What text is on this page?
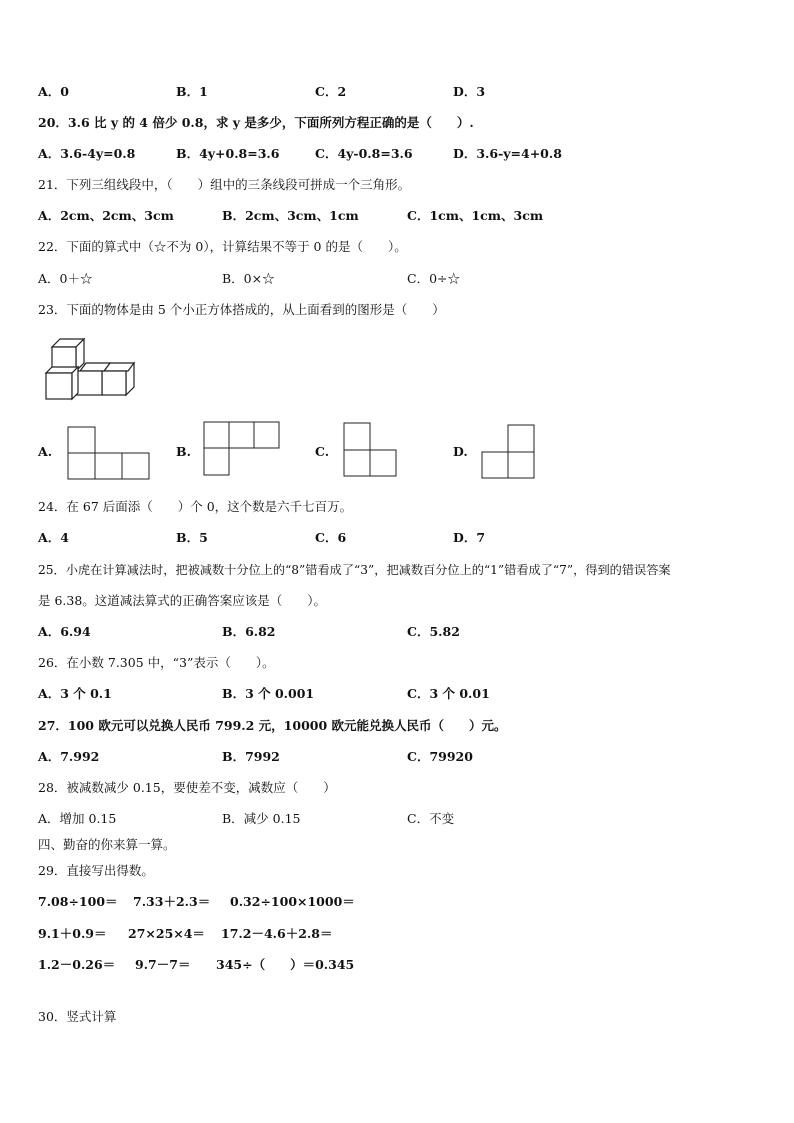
A．0	B．1	C．2	D．3
20．3.6 比 y 的 4 倍少 0.8，求 y 是多少，下面所列方程正确的是（　　）.
A．3.6-4y=0.8	B．4y+0.8=3.6	C．4y-0.8=3.6	D．3.6-y=4+0.8
21．下列三组线段中，（　　）组中的三条线段可拼成一个三角形。
A．2cm、2cm、3cm	B．2cm、3cm、1cm	C．1cm、1cm、3cm
22．下面的算式中（☆不为 0），计算结果不等于 0 的是（　　）。
A．0＋☆	B．0×☆	C．0÷☆
23．下面的物体是由 5 个小正方体搭成的，从上面看到的图形是（　　）
A.	B.	C.	D.
24．在 67 后面添（　　）个 0，这个数是六千七百万。
A．4	B．5	C．6	D．7
25．小虎在计算减法时，把被减数十分位上的“8”错看成了“3”，把减数百分位上的“1”错看成了“7”，得到的错误答案
是 6.38。这道减法算式的正确答案应该是（　　）。
A．6.94	B．6.82	C．5.82
26．在小数 7.305 中，“3”表示（　　）。
A．3 个 0.1	B．3 个 0.001	C．3 个 0.01
27．100 欧元可以兑换人民币 799.2 元，10000 欧元能兑换人民币（　　）元。
A．7.992	B．7992	C．79920
28．被减数减少 0.15，要使差不变，减数应（　　）
A．增加 0.15	B．减少 0.15	C．不变
四、勤奋的你来算一算。
29．直接写出得数。
7.08÷100＝ 7.33＋2.3＝ 0.32÷100×1000＝
9.1＋0.9＝ 27×25×4＝ 17.2－4.6＋2.8＝
1.2－0.26＝ 9.7－7＝ 345÷（　　）＝0.345
30．竖式计算
